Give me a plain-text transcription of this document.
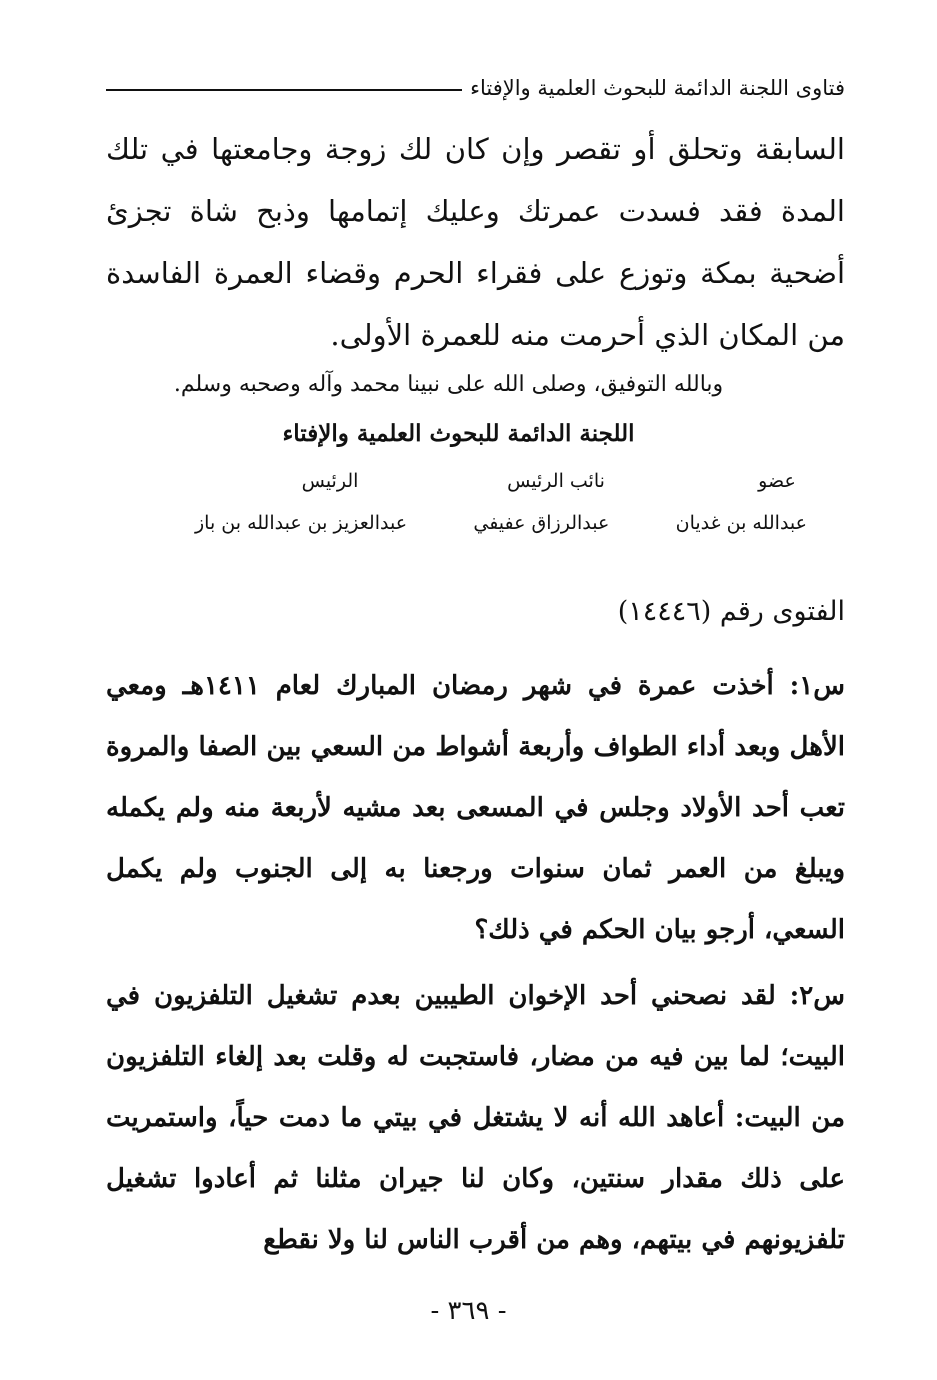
فتاوى اللجنة الدائمة للبحوث العلمية والإفتاء

السابقة وتحلق أو تقصر وإن كان لك زوجة وجامعتها في تلك المدة فقد فسدت عمرتك وعليك إتمامها وذبح شاة تجزئ أضحية بمكة وتوزع على فقراء الحرم وقضاء العمرة الفاسدة من المكان الذي أحرمت منه للعمرة الأولى.

وبالله التوفيق، وصلى الله على نبينا محمد وآله وصحبه وسلم.
اللجنة الدائمة للبحوث العلمية والإفتاء
عضو
نائب الرئيس
الرئيس
عبدالله بن غديان
عبدالرزاق عفيفي
عبدالعزيز بن عبدالله بن باز
الفتوى رقم (١٤٤٤٦)

س١: أخذت عمرة في شهر رمضان المبارك لعام ١٤١١هـ ومعي الأهل وبعد أداء الطواف وأربعة أشواط من السعي بين الصفا والمروة تعب أحد الأولاد وجلس في المسعى بعد مشيه لأربعة منه ولم يكمله ويبلغ من العمر ثمان سنوات ورجعنا به إلى الجنوب ولم يكمل السعي، أرجو بيان الحكم في ذلك؟

س٢: لقد نصحني أحد الإخوان الطيبين بعدم تشغيل التلفزيون في البيت؛ لما بين فيه من مضار، فاستجبت له وقلت بعد إلغاء التلفزيون من البيت: أعاهد الله أنه لا يشتغل في بيتي ما دمت حياً، واستمريت على ذلك مقدار سنتين، وكان لنا جيران مثلنا ثم أعادوا تشغيل تلفزيونهم في بيتهم، وهم من أقرب الناس لنا ولا نقطع

- ٣٦٩ -
